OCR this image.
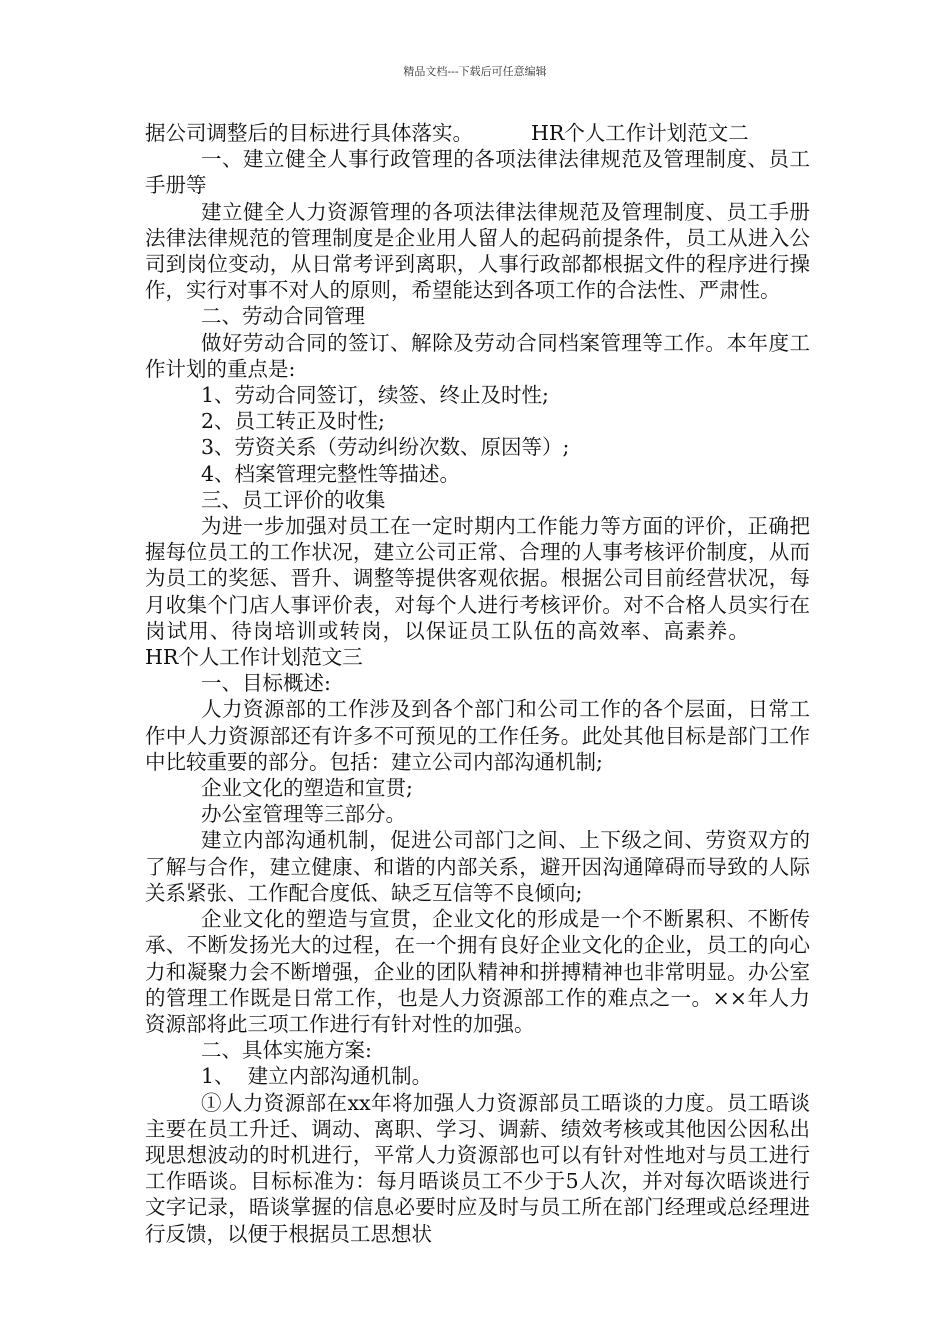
精品文档---下载后可任意编辑

据公司调整后的目标进行具体落实。	HR个人工作计划范文二

一、建立健全人事行政管理的各项法律法律规范及管理制度、员工手册等

建立健全人力资源管理的各项法律法律规范及管理制度、员工手册法律法律规范的管理制度是企业用人留人的起码前提条件，员工从进入公司到岗位变动，从日常考评到离职，人事行政部都根据文件的程序进行操作，实行对事不对人的原则，希望能达到各项工作的合法性、严肃性。

二、劳动合同管理

做好劳动合同的签订、解除及劳动合同档案管理等工作。本年度工作计划的重点是:

1、劳动合同签订，续签、终止及时性;

2、员工转正及时性;

3、劳资关系（劳动纠纷次数、原因等）;

4、档案管理完整性等描述。

三、员工评价的收集

为进一步加强对员工在一定时期内工作能力等方面的评价，正确把握每位员工的工作状况，建立公司正常、合理的人事考核评价制度，从而为员工的奖惩、晋升、调整等提供客观依据。根据公司目前经营状况，每月收集个门店人事评价表，对每个人进行考核评价。对不合格人员实行在岗试用、待岗培训或转岗，以保证员工队伍的高效率、高素养。HR个人工作计划范文三

一、目标概述:

人力资源部的工作涉及到各个部门和公司工作的各个层面，日常工作中人力资源部还有许多不可预见的工作任务。此处其他目标是部门工作中比较重要的部分。包括：建立公司内部沟通机制;

企业文化的塑造和宣贯;

办公室管理等三部分。

建立内部沟通机制，促进公司部门之间、上下级之间、劳资双方的了解与合作，建立健康、和谐的内部关系，避开因沟通障碍而导致的人际关系紧张、工作配合度低、缺乏互信等不良倾向;

企业文化的塑造与宣贯，企业文化的形成是一个不断累积、不断传承、不断发扬光大的过程，在一个拥有良好企业文化的企业，员工的向心力和凝聚力会不断增强，企业的团队精神和拼搏精神也非常明显。办公室的管理工作既是日常工作，也是人力资源部工作的难点之一。××年人力资源部将此三项工作进行有针对性的加强。

二、具体实施方案:

1、  建立内部沟通机制。

①人力资源部在xx年将加强人力资源部员工晤谈的力度。员工晤谈主要在员工升迁、调动、离职、学习、调薪、绩效考核或其他因公因私出现思想波动的时机进行，平常人力资源部也可以有针对性地对与员工进行工作晤谈。目标标准为：每月晤谈员工不少于5人次，并对每次晤谈进行文字记录，晤谈掌握的信息必要时应及时与员工所在部门经理或总经理进行反馈，以便于根据员工思想状
